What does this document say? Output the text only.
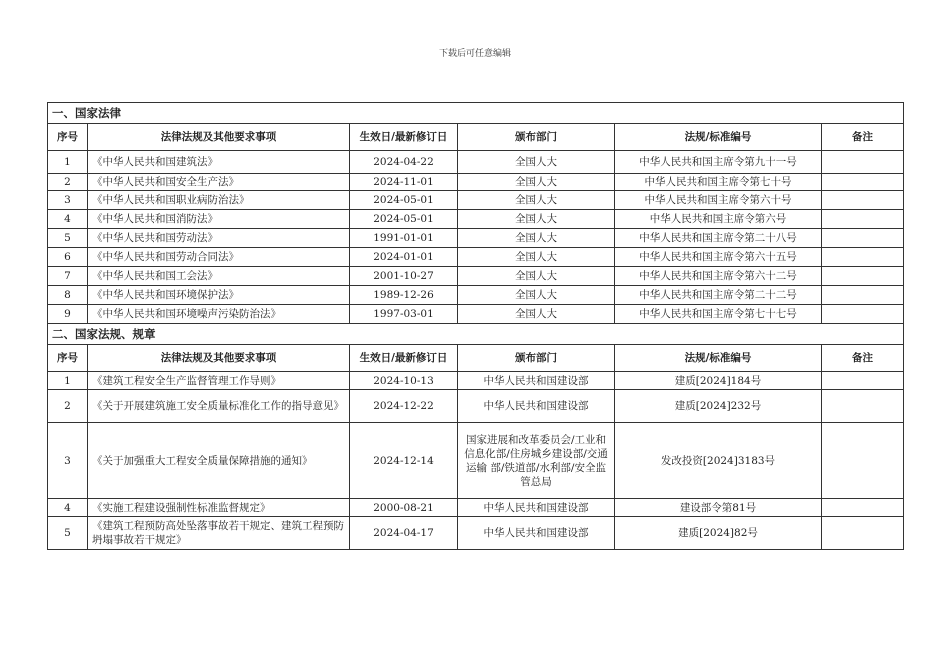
下载后可任意编辑
一、国家法律					
序号	法律法规及其他要求事项	生效日/最新修订日	颁布部门	法规/标准编号	备注
1	《中华人民共和国建筑法》	2024-04-22	全国人大	中华人民共和国主席令第九十一号	
2	《中华人民共和国安全生产法》	2024-11-01	全国人大	中华人民共和国主席令第七十号	
3	《中华人民共和国职业病防治法》	2024-05-01	全国人大	中华人民共和国主席令第六十号	
4	《中华人民共和国消防法》	2024-05-01	全国人大	中华人民共和国主席令第六号	
5	《中华人民共和国劳动法》	1991-01-01	全国人大	中华人民共和国主席令第二十八号	
6	《中华人民共和国劳动合同法》	2024-01-01	全国人大	中华人民共和国主席令第六十五号	
7	《中华人民共和国工会法》	2001-10-27	全国人大	中华人民共和国主席令第六十二号	
8	《中华人民共和国环境保护法》	1989-12-26	全国人大	中华人民共和国主席令第二十二号	
9	《中华人民共和国环境噪声污染防治法》	1997-03-01	全国人大	中华人民共和国主席令第七十七号	
二、国家法规、规章					
序号	法律法规及其他要求事项	生效日/最新修订日	颁布部门	法规/标准编号	备注
1	《建筑工程安全生产监督管理工作导则》	2024-10-13	中华人民共和国建设部	建质[2024]184号	
2	《关于开展建筑施工安全质量标准化工作的指导意见》	2024-12-22	中华人民共和国建设部	建质[2024]232号	
3	《关于加强重大工程安全质量保障措施的通知》	2024-12-14	国家进展和改革委员会/工业和信息化部/住房城乡建设部/交通运输 部/铁道部/水利部/安全监管总局	发改投资[2024]3183号	
4	《实施工程建设强制性标准监督规定》	2000-08-21	中华人民共和国建设部	建设部令第81号	
5	《建筑工程预防高处坠落事故若干规定、建筑工程预防坍塌事故若干规定》	2024-04-17	中华人民共和国建设部	建质[2024]82号	
